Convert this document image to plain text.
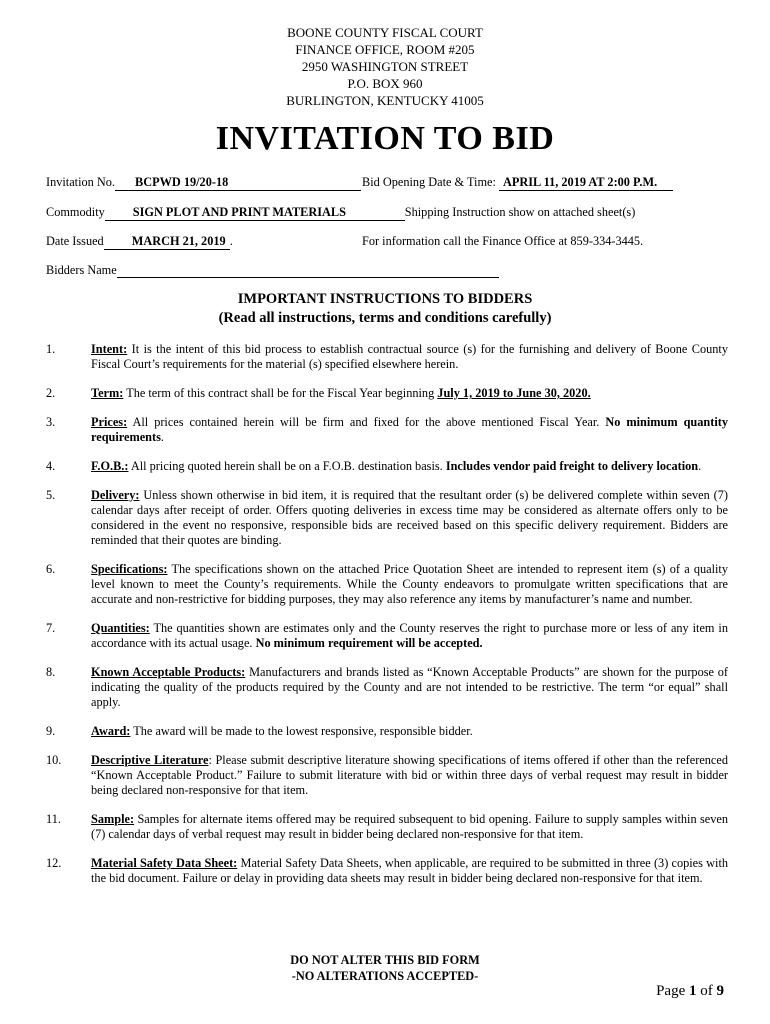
BOONE COUNTY FISCAL COURT
FINANCE OFFICE, ROOM #205
2950 WASHINGTON STREET
P.O. BOX 960
BURLINGTON, KENTUCKY 41005
INVITATION TO BID
Invitation No. BCPWD 19/20-18	Bid Opening Date & Time: APRIL 11, 2019 AT 2:00 P.M.
Commodity SIGN PLOT AND PRINT MATERIALS	Shipping Instruction show on attached sheet(s)
Date Issued MARCH 21, 2019 .	For information call the Finance Office at 859-334-3445.
Bidders Name
IMPORTANT INSTRUCTIONS TO BIDDERS
(Read all instructions, terms and conditions carefully)
1.	Intent: It is the intent of this bid process to establish contractual source (s) for the furnishing and delivery of Boone County Fiscal Court’s requirements for the material (s) specified elsewhere herein.
2.	Term: The term of this contract shall be for the Fiscal Year beginning July 1, 2019 to June 30, 2020.
3.	Prices: All prices contained herein will be firm and fixed for the above mentioned Fiscal Year. No minimum quantity requirements.
4.	F.O.B.: All pricing quoted herein shall be on a F.O.B. destination basis. Includes vendor paid freight to delivery location.
5.	Delivery: Unless shown otherwise in bid item, it is required that the resultant order (s) be delivered complete within seven (7) calendar days after receipt of order. Offers quoting deliveries in excess time may be considered as alternate offers only to be considered in the event no responsive, responsible bids are received based on this specific delivery requirement. Bidders are reminded that their quotes are binding.
6.	Specifications: The specifications shown on the attached Price Quotation Sheet are intended to represent item (s) of a quality level known to meet the County’s requirements. While the County endeavors to promulgate written specifications that are accurate and non-restrictive for bidding purposes, they may also reference any items by manufacturer’s name and number.
7.	Quantities: The quantities shown are estimates only and the County reserves the right to purchase more or less of any item in accordance with its actual usage. No minimum requirement will be accepted.
8.	Known Acceptable Products: Manufacturers and brands listed as “Known Acceptable Products” are shown for the purpose of indicating the quality of the products required by the County and are not intended to be restrictive. The term “or equal” shall apply.
9.	Award: The award will be made to the lowest responsive, responsible bidder.
10. Descriptive Literature: Please submit descriptive literature showing specifications of items offered if other than the referenced “Known Acceptable Product.” Failure to submit literature with bid or within three days of verbal request may result in bidder being declared non-responsive for that item.
11. Sample: Samples for alternate items offered may be required subsequent to bid opening. Failure to supply samples within seven (7) calendar days of verbal request may result in bidder being declared non-responsive for that item.
12. Material Safety Data Sheet: Material Safety Data Sheets, when applicable, are required to be submitted in three (3) copies with the bid document. Failure or delay in providing data sheets may result in bidder being declared non-responsive for that item.
DO NOT ALTER THIS BID FORM
-NO ALTERATIONS ACCEPTED-
Page 1 of 9
